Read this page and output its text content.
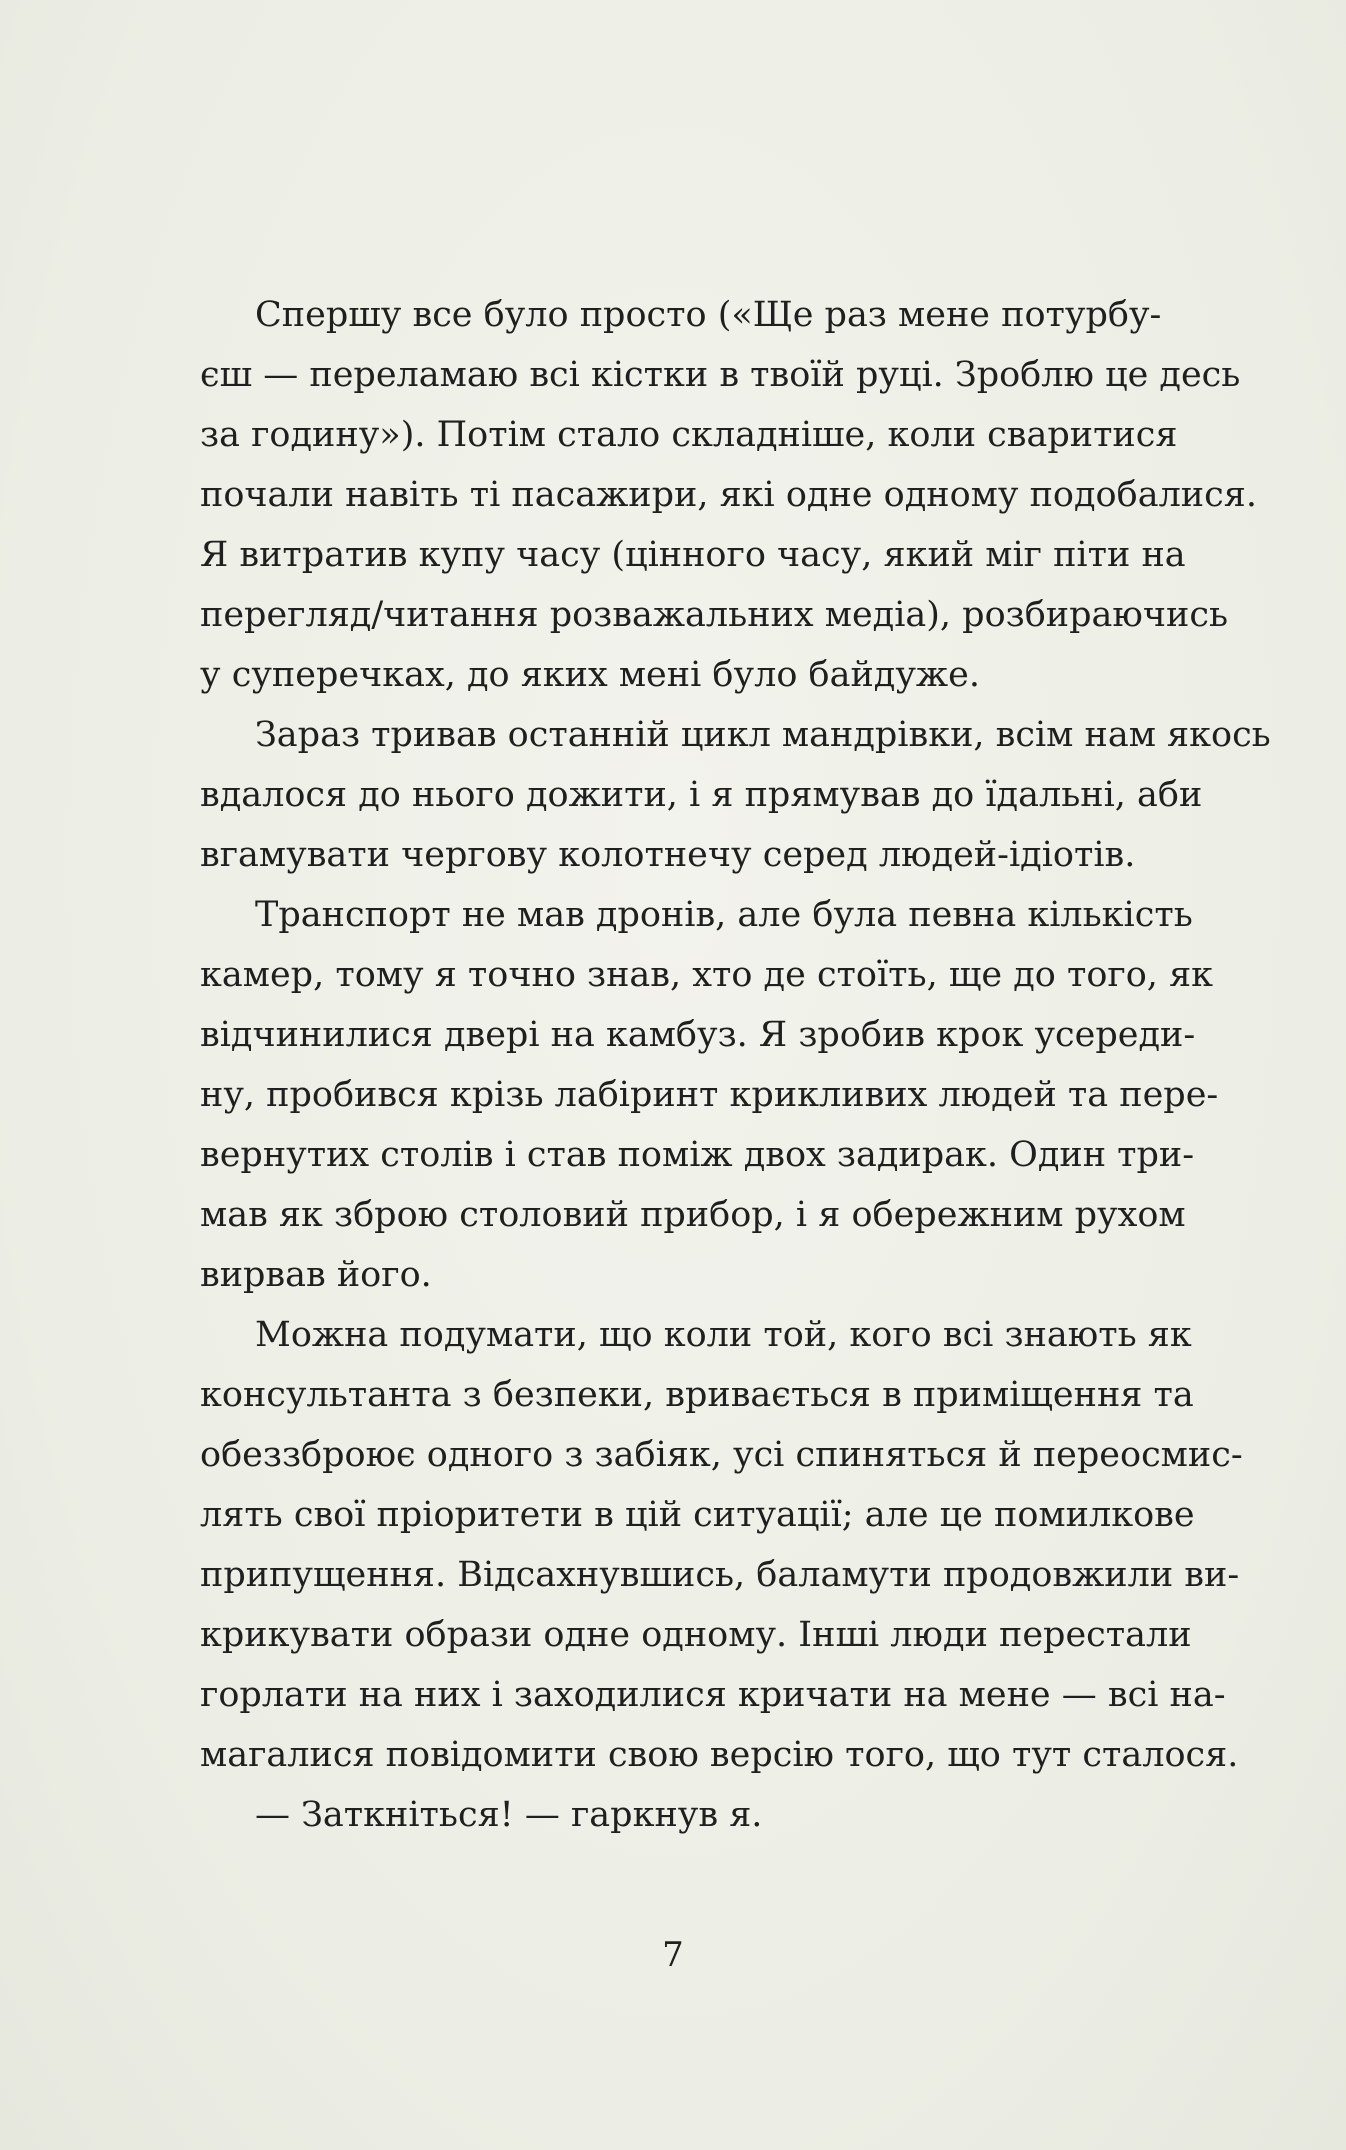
Спершу все було просто («Ще раз мене потурбу-
єш — переламаю всі кістки в твоїй руці. Зроблю це десь
за годину»). Потім стало складніше, коли сваритися
почали навіть ті пасажири, які одне одному подобалися.
Я витратив купу часу (цінного часу, який міг піти на
перегляд/читання розважальних медіа), розбираючись
у суперечках, до яких мені було байдуже.
Зараз тривав останній цикл мандрівки, всім нам якось
вдалося до нього дожити, і я прямував до їдальні, аби
вгамувати чергову колотнечу серед людей-ідіотів.
Транспорт не мав дронів, але була певна кількість
камер, тому я точно знав, хто де стоїть, ще до того, як
відчинилися двері на камбуз. Я зробив крок усереди-
ну, пробився крізь лабіринт крикливих людей та пере-
вернутих столів і став поміж двох задирак. Один три-
мав як зброю столовий прибор, і я обережним рухом
вирвав його.
Можна подумати, що коли той, кого всі знають як
консультанта з безпеки, вривається в приміщення та
обеззброює одного з забіяк, усі спиняться й переосмис-
лять свої пріоритети в цій ситуації; але це помилкове
припущення. Відсахнувшись, баламути продовжили ви-
крикувати образи одне одному. Інші люди перестали
горлати на них і заходилися кричати на мене — всі на-
магалися повідомити свою версію того, що тут сталося.
— Заткніться! — гаркнув я.
7
